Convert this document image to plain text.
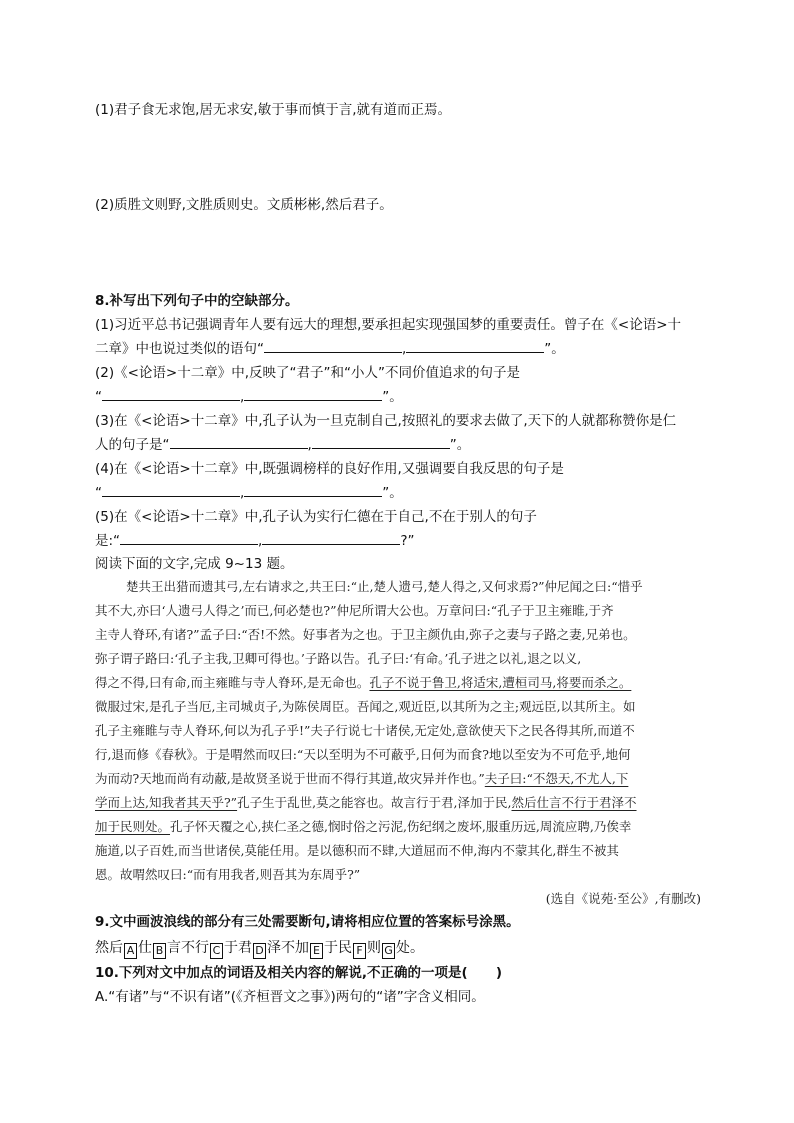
(1)君子食无求饱,居无求安,敏于事而慎于言,就有道而正焉。
(2)质胜文则野,文胜质则史。文质彬彬,然后君子。
8.补写出下列句子中的空缺部分。
(1)习近平总书记强调青年人要有远大的理想,要承担起实现强国梦的重要责任。曾子在《<论语>十
二章》中也说过类似的语句“	,	”。
(2)《<论语>十二章》中,反映了“君子”和“小人”不同价值追求的句子是
“	,	”。
(3)在《<论语>十二章》中,孔子认为一旦克制自己,按照礼的要求去做了,天下的人就都称赞你是仁
人的句子是“	,	”。
(4)在《<论语>十二章》中,既强调榜样的良好作用,又强调要自我反思的句子是
“	,	”。
(5)在《<论语>十二章》中,孔子认为实行仁德在于自己,不在于别人的句子
是:“	,	?”
阅读下面的文字,完成 9~13 题。
楚共王出猎而遗其弓,左右请求之,共王曰:“止,楚人遗弓,楚人得之,又何求焉?”仲尼闻之曰:“惜乎
其不大,亦曰‘人遗弓人得之’而已,何必楚也?”仲尼所谓大公也。万章问曰:“孔子于卫主雍睢,于齐
主寺人脊环,有诸?”孟子曰:“否!不然。好事者为之也。于卫主颜仇由,弥子之妻与子路之妻,兄弟也。
弥子谓子路曰:‘孔子主我,卫卿可得也。’子路以告。孔子曰:‘有命。’孔子进之以礼,退之以义,
得之不得,曰有命,而主雍睢与寺人脊环,是无命也。孔子不说于鲁卫,将适宋,遭桓司马,将要而杀之。
微服过宋,是孔子当厄,主司城贞子,为陈侯周臣。吾闻之,观近臣,以其所为之主;观远臣,以其所主。如
孔子主雍睢与寺人脊环,何以为孔子乎!”夫子行说七十诸侯,无定处,意欲使天下之民各得其所,而道不
行,退而修《春秋》。于是喟然而叹曰:“天以至明为不可蔽乎,日何为而食?地以至安为不可危乎,地何
为而动?天地而尚有动蔽,是故贤圣说于世而不得行其道,故灾异并作也。”夫子曰:“不怨天,不尤人,下
学而上达,知我者其天乎?”孔子生于乱世,莫之能容也。故言行于君,泽加于民,然后仕言不行于君泽不
加于民则处。孔子怀天覆之心,挟仁圣之德,悯时俗之污泥,伤纪纲之废坏,服重历远,周流应聘,乃俟幸
施道,以子百姓,而当世诸侯,莫能任用。是以德积而不肆,大道屈而不伸,海内不蒙其化,群生不被其
恩。故喟然叹曰:“而有用我者,则吾其为东周乎?”
(选自《说苑·至公》,有删改)
9.文中画波浪线的部分有三处需要断句,请将相应位置的答案标号涂黑。
然后 A 仕 B 言不行 C 于君 D 泽不加 E 于民 F 则 G 处。
10.下列对文中加点的词语及相关内容的解说,不正确的一项是(      )
A.“有诸”与“不识有诸”(《齐桓晋文之事》)两句的“诸”字含义相同。
